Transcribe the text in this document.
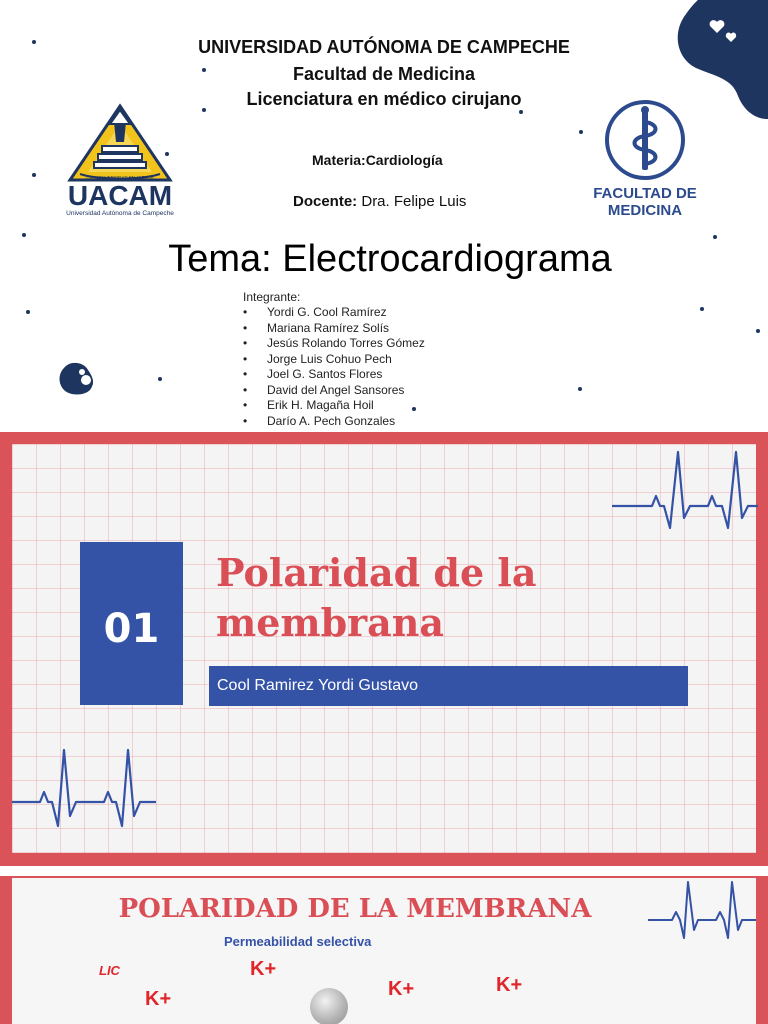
UNIVERSIDAD AUTÓNOMA DE CAMPECHE
Facultad de Medicina
Licenciatura en médico cirujano
UNA UNIVERSIDAD EN ALZADA
UACAM
Universidad Autónoma de Campeche
Materia:Cardiología
Docente: Dra. Felipe Luis	FACULTAD DE
MEDICINA
Tema: Electrocardiograma
Integrante:
• Yordi G. Cool Ramírez
• Mariana Ramírez Solís
• Jesús Rolando Torres Gómez
• Jorge Luis Cohuo Pech
• Joel G. Santos Flores
• David del Angel Sansores
• Erik H. Magaña Hoil
• Darío A. Pech Gonzales
01
Polaridad de la
membrana
Cool Ramirez Yordi Gustavo
POLARIDAD DE LA MEMBRANA
Permeabilidad selectiva
LIC	K+
K+	K+	K+
